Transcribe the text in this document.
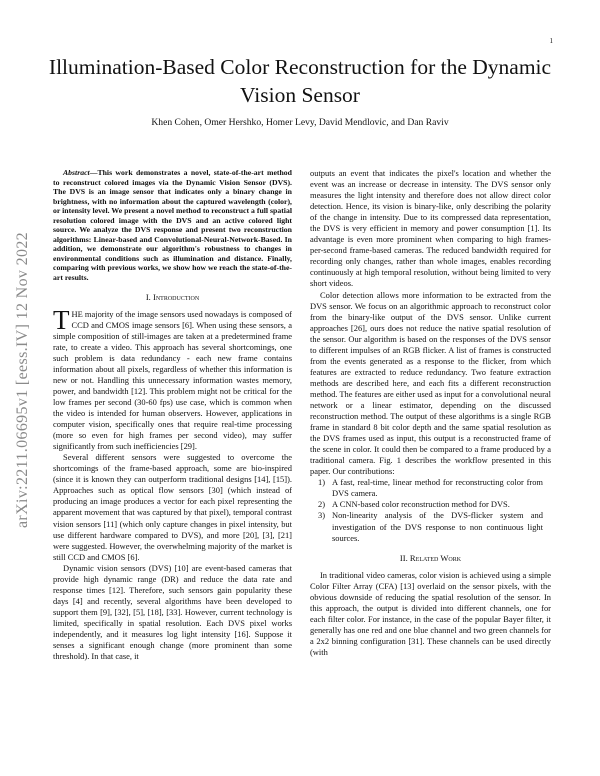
1
arXiv:2211.06695v1 [eess.IV] 12 Nov 2022
Illumination-Based Color Reconstruction for the Dynamic Vision Sensor

Khen Cohen, Omer Hershko, Homer Levy, David Mendlovic, and Dan Raviv

Abstract—This work demonstrates a novel, state-of-the-art method to reconstruct colored images via the Dynamic Vision Sensor (DVS). The DVS is an image sensor that indicates only a binary change in brightness, with no information about the captured wavelength (color), or intensity level. We present a novel method to reconstruct a full spatial resolution colored image with the DVS and an active colored light source. We analyze the DVS response and present two reconstruction algorithms: Linear-based and Convolutional-Neural-Network-Based. In addition, we demonstrate our algorithm's robustness to changes in environmental conditions such as illumination and distance. Finally, comparing with previous works, we show how we reach the state-of-the-art results.

I. Introduction

THE majority of the image sensors used nowadays is composed of CCD and CMOS image sensors [6]. When using these sensors, a simple composition of still-images are taken at a predetermined frame rate, to create a video. This approach has several shortcomings, one such problem is data redundancy - each new frame contains information about all pixels, regardless of whether this information is new or not. Handling this unnecessary information wastes memory, power, and bandwidth [12]. This problem might not be critical for the low frames per second (30-60 fps) use case, which is common when the video is intended for human observers. However, applications in computer vision, specifically ones that require real-time processing (more so even for high frames per second video), may suffer significantly from such inefficiencies [29].

Several different sensors were suggested to overcome the shortcomings of the frame-based approach, some are bio-inspired (since it is known they can outperform traditional designs [14], [15]). Approaches such as optical flow sensors [30] (which instead of producing an image produces a vector for each pixel representing the apparent movement that was captured by that pixel), temporal contrast vision sensors [11] (which only capture changes in pixel intensity, but use different hardware compared to DVS), and more [20], [3], [21] were suggested. However, the overwhelming majority of the market is still CCD and CMOS [6].

Dynamic vision sensors (DVS) [10] are event-based cameras that provide high dynamic range (DR) and reduce the data rate and response times [12]. Therefore, such sensors gain popularity these days [4] and recently, several algorithms have been developed to support them [9], [32], [5], [18], [33]. However, current technology is limited, specifically in spatial resolution. Each DVS pixel works independently, and it measures log light intensity [16]. Suppose it senses a significant enough change (more prominent than some threshold). In that case, it

outputs an event that indicates the pixel's location and whether the event was an increase or decrease in intensity. The DVS sensor only measures the light intensity and therefore does not allow direct color detection. Hence, its vision is binary-like, only describing the polarity of the change in intensity. Due to its compressed data representation, the DVS is very efficient in memory and power consumption [1]. Its advantage is even more prominent when comparing to high frames-per-second frame-based cameras. The reduced bandwidth required for recording only changes, rather than whole images, enables recording continuously at high temporal resolution, without being limited to very short videos.

Color detection allows more information to be extracted from the DVS sensor. We focus on an algorithmic approach to reconstruct color from the binary-like output of the DVS sensor. Unlike current approaches [26], ours does not reduce the native spatial resolution of the sensor. Our algorithm is based on the responses of the DVS sensor to different impulses of an RGB flicker. A list of frames is constructed from the events generated as a response to the flicker, from which features are extracted to reduce redundancy. Two feature extraction methods are described here, and each fits a different reconstruction method. The features are either used as input for a convolutional neural network or a linear estimator, depending on the discussed reconstruction method. The output of these algorithms is a single RGB frame in standard 8 bit color depth and the same spatial resolution as the DVS frames used as input, this output is a reconstructed frame of the scene in color. It could then be compared to a frame produced by a traditional camera. Fig. 1 describes the workflow presented in this paper. Our contributions:

1) A fast, real-time, linear method for reconstructing color from DVS camera.
2) A CNN-based color reconstruction method for DVS.
3) Non-linearity analysis of the DVS-flicker system and investigation of the DVS response to non continuous light sources.
II. Related Work

In traditional video cameras, color vision is achieved using a simple Color Filter Array (CFA) [13] overlaid on the sensor pixels, with the obvious downside of reducing the spatial resolution of the sensor. In this approach, the output is divided into different channels, one for each filter color. For instance, in the case of the popular Bayer filter, it generally has one red and one blue channel and two green channels for a 2x2 binning configuration [31]. These channels can be used directly (with
